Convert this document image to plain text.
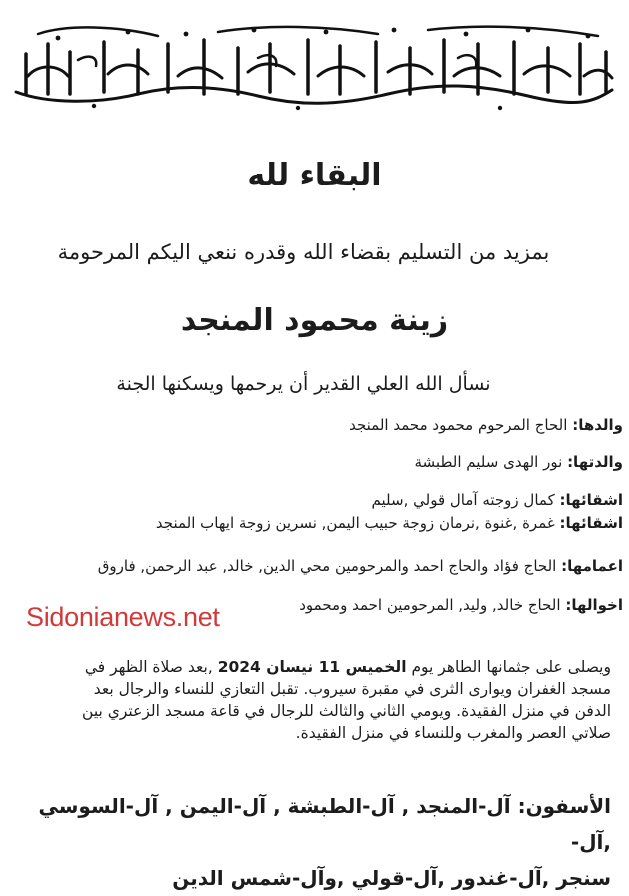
البقاء لله
بمزيد من التسليم بقضاء الله وقدره ننعي اليكم المرحومة
زينة محمود المنجد
نسأل الله العلي القدير أن يرحمها ويسكنها الجنة
والدها: الحاج المرحوم محمود محمد المنجد
والدتها: نور الهدى سليم الطبشة
اشقائها: كمال زوجته آمال قولي ,سليم
اشقائها: غمرة ,غنوة ,نرمان زوجة حبيب اليمن, نسرين زوجة ايهاب المنجد
اعمامها: الحاج فؤاد والحاج احمد والمرحومين محي الدين, خالد, عبد الرحمن, فاروق
اخوالها: الحاج خالد, وليد, المرحومين احمد ومحمود
Sidonianews.net

ويصلى على جثمانها الطاهر يوم الخميس 11 نيسان 2024 ,بعد صلاة الظهر في

مسجد الغفران ويوارى الثرى في مقبرة سيروب. تقبل التعازي للنساء والرجال بعد

الدفن في منزل الفقيدة. ويومي الثاني والثالث للرجال في قاعة مسجد الزعتري بين

صلاتي العصر والمغرب وللنساء في منزل الفقيدة.

الأسفون: آل-المنجد , آل-الطبشة , آل-اليمن , آل-السوسي ,آل-

سنجر ,آل-غندور ,آل-قولي ,وآل-شمس الدين
